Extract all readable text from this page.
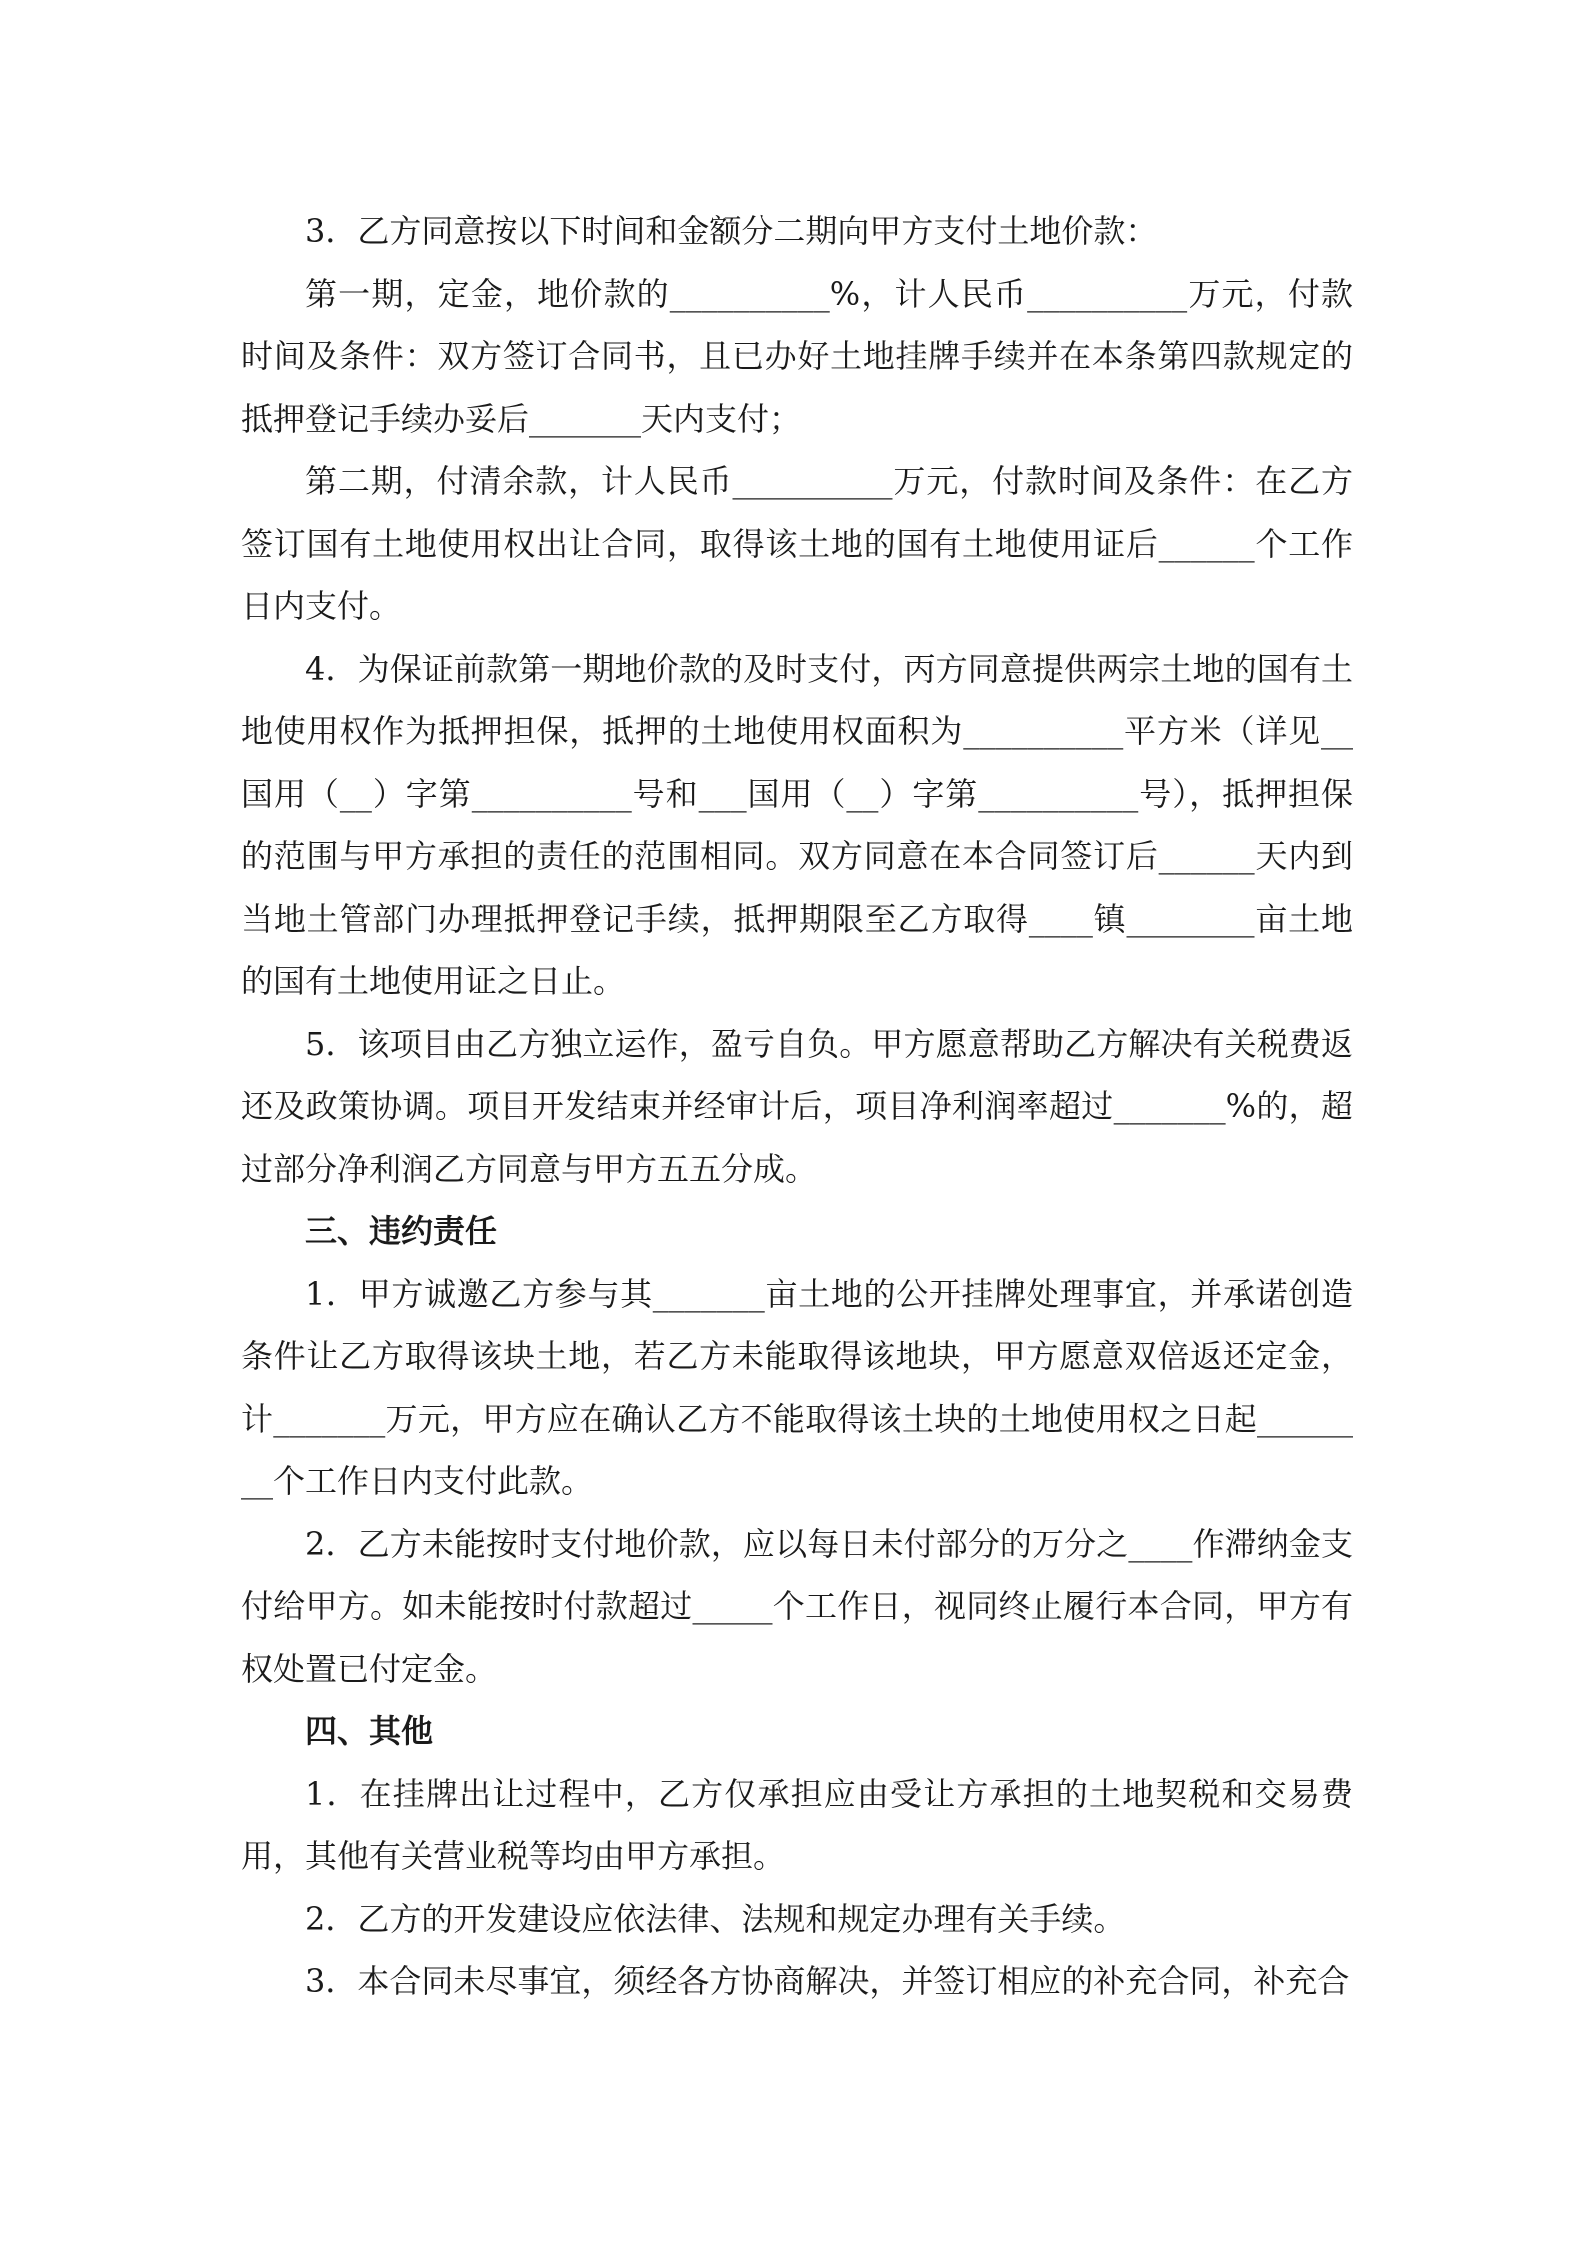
3．乙方同意按以下时间和金额分二期向甲方支付土地价款：

第一期，定金，地价款的__________%，计人民币__________万元，付款时间及条件：双方签订合同书，且已办好土地挂牌手续并在本条第四款规定的抵押登记手续办妥后_______天内支付；

第二期，付清余款，计人民币__________万元，付款时间及条件：在乙方签订国有土地使用权出让合同，取得该土地的国有土地使用证后______个工作日内支付。

4．为保证前款第一期地价款的及时支付，丙方同意提供两宗土地的国有土地使用权作为抵押担保，抵押的土地使用权面积为__________平方米（详见__国用（__）字第__________号和___国用（__）字第__________号），抵押担保的范围与甲方承担的责任的范围相同。双方同意在本合同签订后______天内到当地土管部门办理抵押登记手续，抵押期限至乙方取得____镇________亩土地的国有土地使用证之日止。

5．该项目由乙方独立运作，盈亏自负。甲方愿意帮助乙方解决有关税费返还及政策协调。项目开发结束并经审计后，项目净利润率超过_______%的，超过部分净利润乙方同意与甲方五五分成。

三、违约责任

1．甲方诚邀乙方参与其_______亩土地的公开挂牌处理事宜，并承诺创造条件让乙方取得该块土地，若乙方未能取得该地块，甲方愿意双倍返还定金，计_______万元，甲方应在确认乙方不能取得该土块的土地使用权之日起________个工作日内支付此款。

2．乙方未能按时支付地价款，应以每日未付部分的万分之____作滞纳金支付给甲方。如未能按时付款超过_____个工作日，视同终止履行本合同，甲方有权处置已付定金。

四、其他

1．在挂牌出让过程中，乙方仅承担应由受让方承担的土地契税和交易费用，其他有关营业税等均由甲方承担。

2．乙方的开发建设应依法律、法规和规定办理有关手续。

3．本合同未尽事宜，须经各方协商解决，并签订相应的补充合同，补充合
